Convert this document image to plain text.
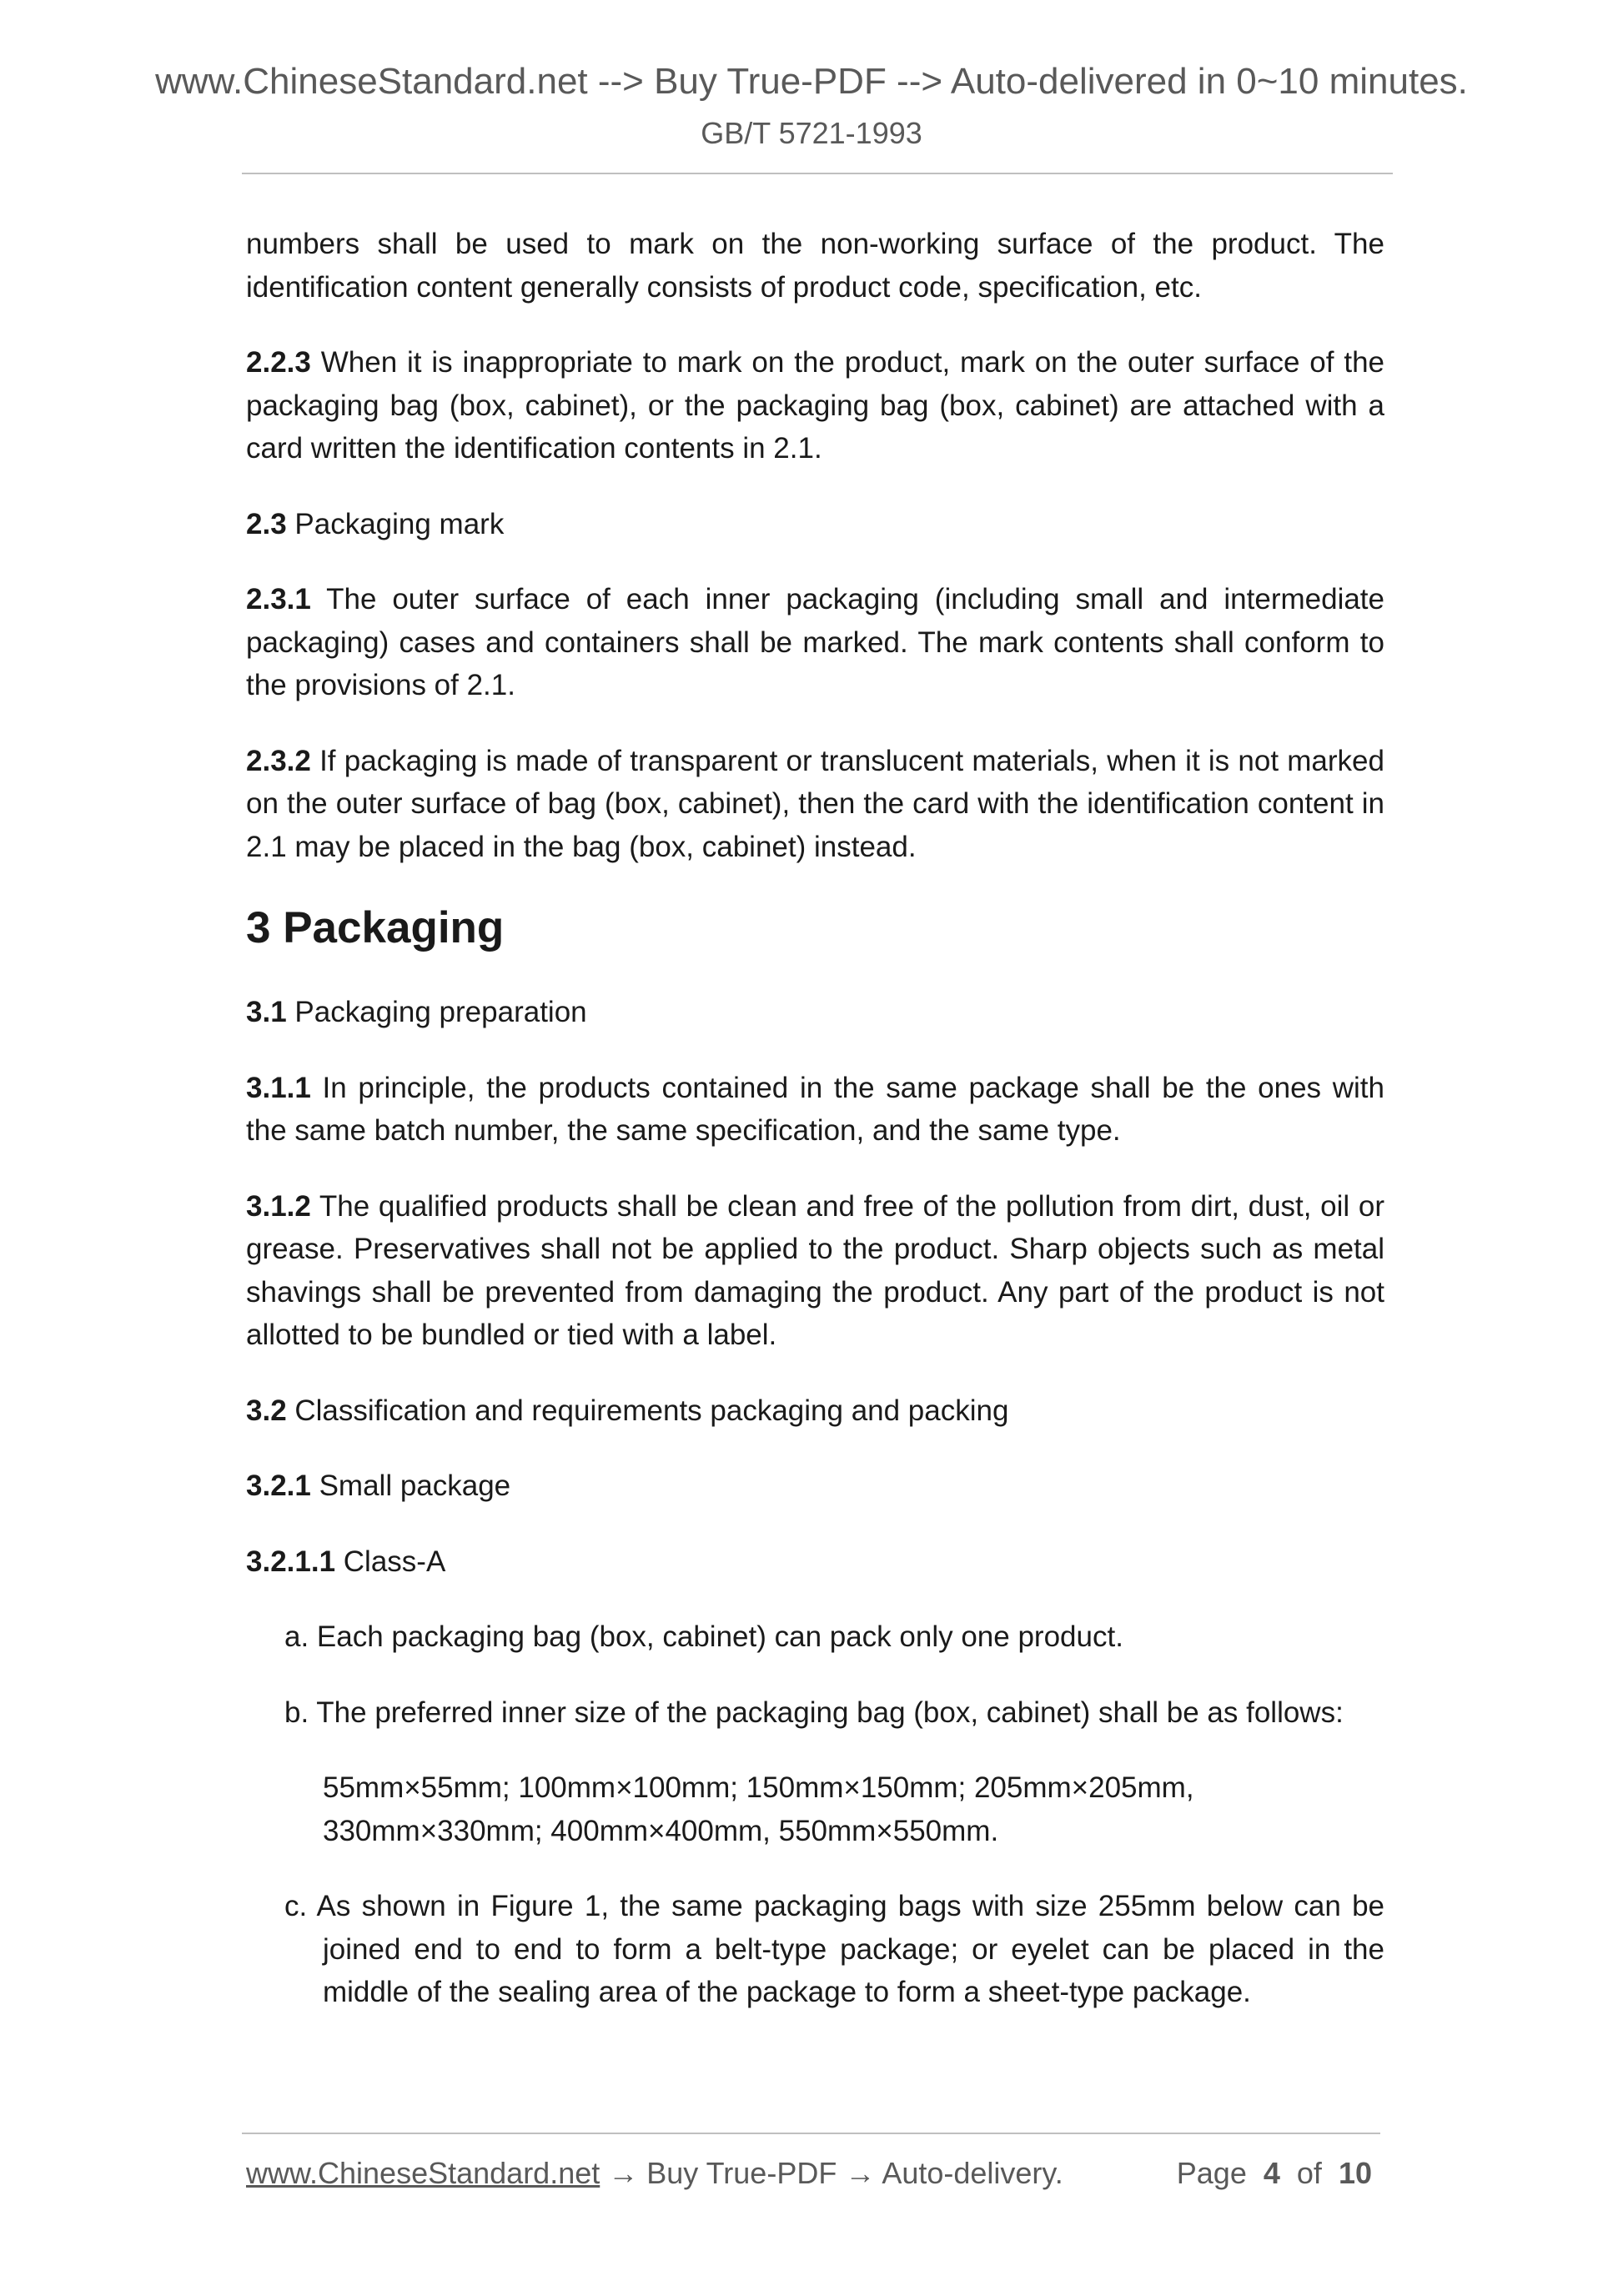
www.ChineseStandard.net --> Buy True-PDF --> Auto-delivered in 0~10 minutes.
GB/T 5721-1993

numbers shall be used to mark on the non-working surface of the product. The identification content generally consists of product code, specification, etc.

2.2.3 When it is inappropriate to mark on the product, mark on the outer surface of the packaging bag (box, cabinet), or the packaging bag (box, cabinet) are attached with a card written the identification contents in 2.1.

2.3 Packaging mark

2.3.1 The outer surface of each inner packaging (including small and intermediate packaging) cases and containers shall be marked. The mark contents shall conform to the provisions of 2.1.

2.3.2 If packaging is made of transparent or translucent materials, when it is not marked on the outer surface of bag (box, cabinet), then the card with the identification content in 2.1 may be placed in the bag (box, cabinet) instead.

3 Packaging

3.1 Packaging preparation

3.1.1 In principle, the products contained in the same package shall be the ones with the same batch number, the same specification, and the same type.

3.1.2 The qualified products shall be clean and free of the pollution from dirt, dust, oil or grease. Preservatives shall not be applied to the product. Sharp objects such as metal shavings shall be prevented from damaging the product. Any part of the product is not allotted to be bundled or tied with a label.

3.2 Classification and requirements packaging and packing

3.2.1 Small package

3.2.1.1 Class-A

a. Each packaging bag (box, cabinet) can pack only one product.

b. The preferred inner size of the packaging bag (box, cabinet) shall be as follows:

55mm×55mm; 100mm×100mm; 150mm×150mm; 205mm×205mm,
330mm×330mm; 400mm×400mm, 550mm×550mm.

c. As shown in Figure 1, the same packaging bags with size 255mm below can be joined end to end to form a belt-type package; or eyelet can be placed in the middle of the sealing area of the package to form a sheet-type package.

www.ChineseStandard.net → Buy True-PDF → Auto-delivery.	Page 4 of 10
